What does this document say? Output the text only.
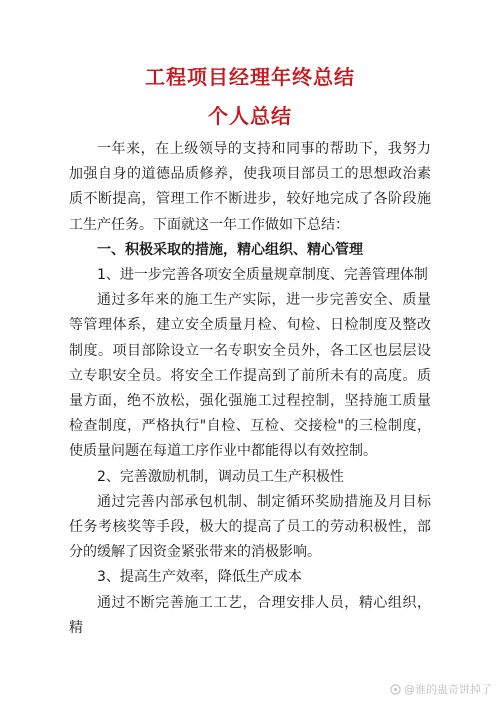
工程项目经理年终总结
个人总结

一年来，在上级领导的支持和同事的帮助下，我努力加强自身的道德品质修养，使我项目部员工的思想政治素质不断提高，管理工作不断进步，较好地完成了各阶段施工生产任务。下面就这一年工作做如下总结：

一、积极采取的措施，精心组织、精心管理

1、进一步完善各项安全质量规章制度、完善管理体制

通过多年来的施工生产实际，进一步完善安全、质量等管理体系，建立安全质量月检、旬检、日检制度及整改制度。项目部除设立一名专职安全员外，各工区也层层设立专职安全员。将安全工作提高到了前所未有的高度。质量方面，绝不放松，强化强施工过程控制，坚持施工质量检查制度，严格执行"自检、互检、交接检"的三检制度，使质量问题在每道工序作业中都能得以有效控制。

2、完善激励机制，调动员工生产积极性

通过完善内部承包机制、制定循环奖励措施及月目标任务考核奖等手段，极大的提高了员工的劳动积极性，部分的缓解了因资金紧张带来的消极影响。

3、提高生产效率，降低生产成本

通过不断完善施工工艺，合理安排人员，精心组织，精

@谁的蛊奇饼掉了
